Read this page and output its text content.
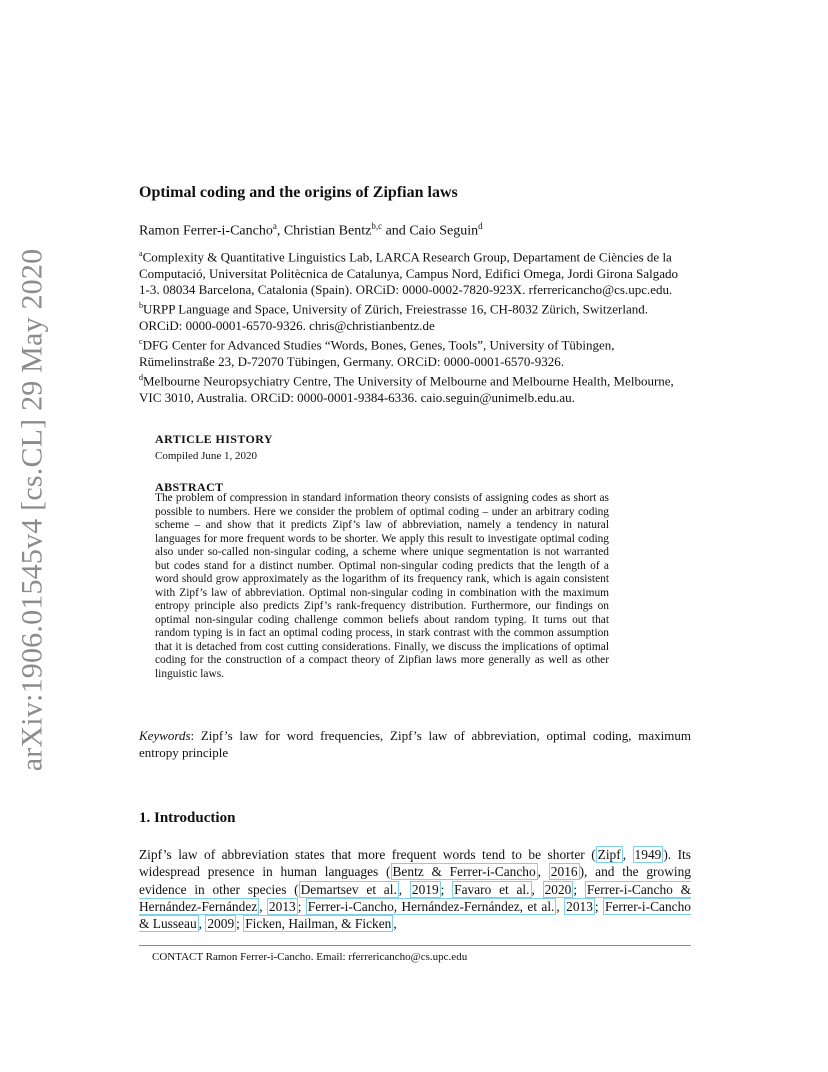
arXiv:1906.01545v4 [cs.CL] 29 May 2020
Optimal coding and the origins of Zipfian laws
Ramon Ferrer-i-Cancho$^a$, Christian Bentz$^{b,c}$ and Caio Seguin$^d$
$^a$Complexity & Quantitative Linguistics Lab, LARCA Research Group, Departament de Ciències de la Computació, Universitat Politècnica de Catalunya, Campus Nord, Edifici Omega, Jordi Girona Salgado 1-3. 08034 Barcelona, Catalonia (Spain). ORCiD: 0000-0002-7820-923X. rferrericancho@cs.upc.edu.
$^b$URPP Language and Space, University of Zürich, Freiestrasse 16, CH-8032 Zürich, Switzerland. ORCiD: 0000-0001-6570-9326. chris@christianbentz.de
$^c$DFG Center for Advanced Studies “Words, Bones, Genes, Tools”, University of Tübingen, Rümelinstraße 23, D-72070 Tübingen, Germany. ORCiD: 0000-0001-6570-9326.
$^d$Melbourne Neuropsychiatry Centre, The University of Melbourne and Melbourne Health, Melbourne, VIC 3010, Australia. ORCiD: 0000-0001-9384-6336. caio.seguin@unimelb.edu.au.
ARTICLE HISTORY
Compiled June 1, 2020
ABSTRACT
The problem of compression in standard information theory consists of assigning codes as short as possible to numbers. Here we consider the problem of optimal coding – under an arbitrary coding scheme – and show that it predicts Zipf’s law of abbreviation, namely a tendency in natural languages for more frequent words to be shorter. We apply this result to investigate optimal coding also under so-called non-singular coding, a scheme where unique segmentation is not warranted but codes stand for a distinct number. Optimal non-singular coding predicts that the length of a word should grow approximately as the logarithm of its frequency rank, which is again consistent with Zipf’s law of abbreviation. Optimal non-singular coding in combination with the maximum entropy principle also predicts Zipf’s rank-frequency distribution. Furthermore, our findings on optimal non-singular coding challenge common beliefs about random typing. It turns out that random typing is in fact an optimal coding process, in stark contrast with the common assumption that it is detached from cost cutting considerations. Finally, we discuss the implications of optimal coding for the construction of a compact theory of Zipfian laws more generally as well as other linguistic laws.
Keywords: Zipf’s law for word frequencies, Zipf’s law of abbreviation, optimal coding, maximum entropy principle
1. Introduction
Zipf’s law of abbreviation states that more frequent words tend to be shorter ( Zipf , 1949 ). Its widespread presence in human languages ( Bentz & Ferrer-i-Cancho , 2016 ), and the growing evidence in other species ( Demartsev et al. , 2019 ; Favaro et al. , 2020 ; Ferrer-i-Cancho & Hernández-Fernández , 2013 ; Ferrer-i-Cancho, Hernández-Fernández, et al. , 2013 ; Ferrer-i-Cancho & Lusseau , 2009 ; Ficken, Hailman, & Ficken ,
CONTACT Ramon Ferrer-i-Cancho. Email: rferrericancho@cs.upc.edu
